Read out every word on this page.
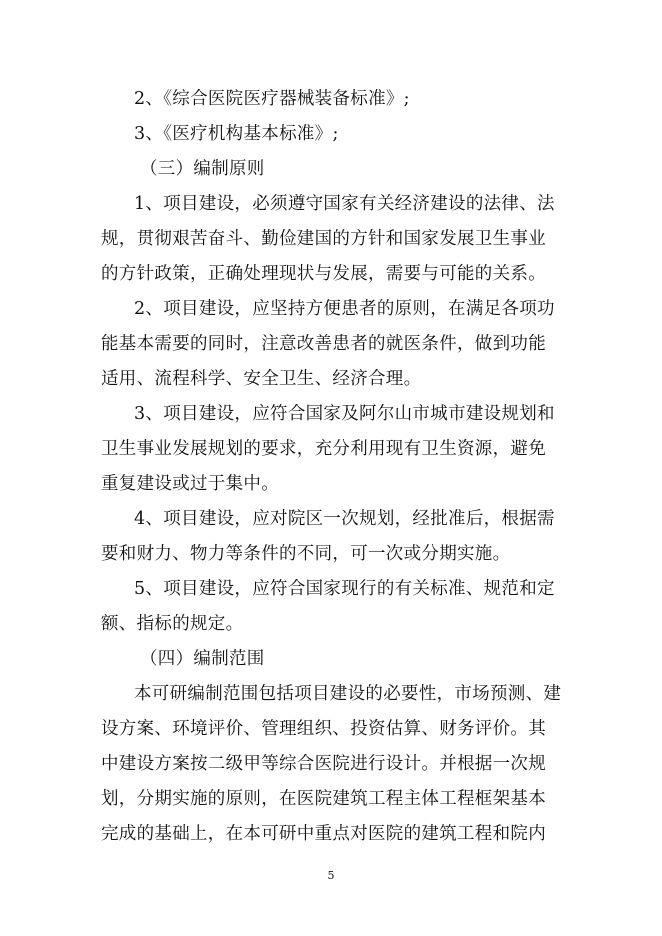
2、《综合医院医疗器械装备标准》;
3、《医疗机构基本标准》;
（三）编制原则
1、项目建设，必须遵守国家有关经济建设的法律、法
规，贯彻艰苦奋斗、勤俭建国的方针和国家发展卫生事业
的方针政策，正确处理现状与发展，需要与可能的关系。
2、项目建设，应坚持方便患者的原则，在满足各项功
能基本需要的同时，注意改善患者的就医条件，做到功能
适用、流程科学、安全卫生、经济合理。
3、项目建设，应符合国家及阿尔山市城市建设规划和
卫生事业发展规划的要求，充分利用现有卫生资源，避免
重复建设或过于集中。
4、项目建设，应对院区一次规划，经批准后，根据需
要和财力、物力等条件的不同，可一次或分期实施。
5、项目建设，应符合国家现行的有关标准、规范和定
额、指标的规定。
（四）编制范围
本可研编制范围包括项目建设的必要性，市场预测、建
设方案、环境评价、管理组织、投资估算、财务评价。其
中建设方案按二级甲等综合医院进行设计。并根据一次规
划，分期实施的原则，在医院建筑工程主体工程框架基本
完成的基础上，在本可研中重点对医院的建筑工程和院内
5
